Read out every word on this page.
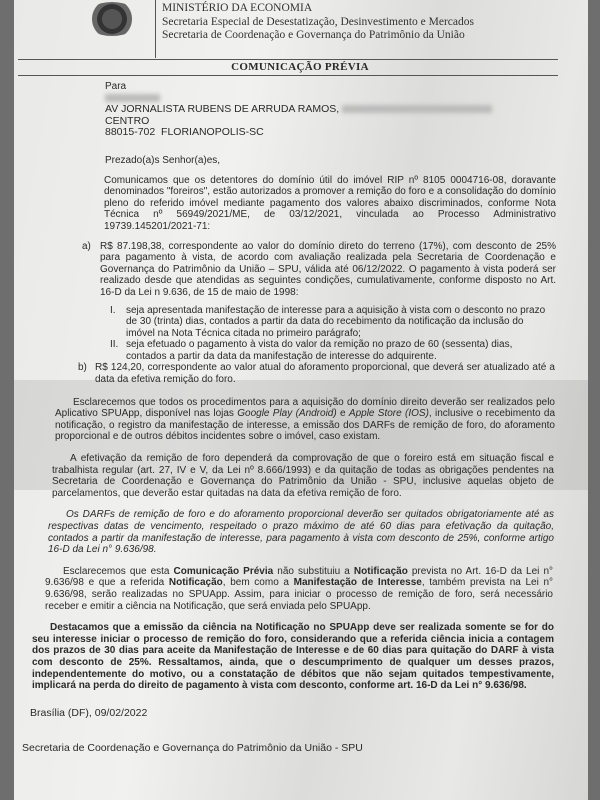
MINISTÉRIO DA ECONOMIA
Secretaria Especial de Desestatização, Desinvestimento e Mercados
Secretaria de Coordenação e Governança do Patrimônio da União
COMUNICAÇÃO PRÉVIA
Para
AV JORNALISTA RUBENS DE ARRUDA RAMOS,
CENTRO
88015-702  FLORIANOPOLIS-SC
Prezado(a)s Senhor(a)es,
Comunicamos que os detentores do domínio útil do imóvel RIP nº 8105 0004716-08, doravante denominados "foreiros", estão autorizados a promover a remição do foro e a consolidação do domínio pleno do referido imóvel mediante pagamento dos valores abaixo discriminados, conforme Nota Técnica nº 56949/2021/ME, de 03/12/2021, vinculada ao Processo Administrativo 19739.145201/2021-71:
a) R$ 87.198,38, correspondente ao valor do domínio direto do terreno (17%), com desconto de 25% para pagamento à vista, de acordo com avaliação realizada pela Secretaria de Coordenação e Governança do Patrimônio da União – SPU, válida até 06/12/2022. O pagamento à vista poderá ser realizado desde que atendidas as seguintes condições, cumulativamente, conforme disposto no Art. 16-D da Lei n 9.636, de 15 de maio de 1998:
I.	seja apresentada manifestação de interesse para a aquisição à vista com o desconto no prazo de 30 (trinta) dias, contados a partir da data do recebimento da notificação da inclusão do imóvel na Nota Técnica citada no primeiro parágrafo;
II. seja efetuado o pagamento à vista do valor da remição no prazo de 60 (sessenta) dias, contados a partir da data da manifestação de interesse do adquirente.
b) R$ 124,20, correspondente ao valor atual do aforamento proporcional, que deverá ser atualizado até a data da efetiva remição do foro.
Esclarecemos que todos os procedimentos para a aquisição do domínio direito deverão ser realizados pelo Aplicativo SPUApp, disponível nas lojas Google Play (Android) e Apple Store (IOS), inclusive o recebimento da notificação, o registro da manifestação de interesse, a emissão dos DARFs de remição de foro, do aforamento proporcional e de outros débitos incidentes sobre o imóvel, caso existam.
A efetivação da remição de foro dependerá da comprovação de que o foreiro está em situação fiscal e trabalhista regular (art. 27, IV e V, da Lei nº 8.666/1993) e da quitação de todas as obrigações pendentes na Secretaria de Coordenação e Governança do Patrimônio da União - SPU, inclusive aquelas objeto de parcelamentos, que deverão estar quitadas na data da efetiva remição de foro.
Os DARFs de remição de foro e do aforamento proporcional deverão ser quitados obrigatoriamente até as respectivas datas de vencimento, respeitado o prazo máximo de até 60 dias para efetivação da quitação, contados a partir da manifestação de interesse, para pagamento à vista com desconto de 25%, conforme artigo 16-D da Lei n° 9.636/98.
Esclarecemos que esta Comunicação Prévia não substituiu a Notificação prevista no Art. 16-D da Lei n° 9.636/98 e que a referida Notificação, bem como a Manifestação de Interesse, também prevista na Lei n° 9.636/98, serão realizadas no SPUApp. Assim, para iniciar o processo de remição de foro, será necessário receber e emitir a ciência na Notificação, que será enviada pelo SPUApp.
Destacamos que a emissão da ciência na Notificação no SPUApp deve ser realizada somente se for do seu interesse iniciar o processo de remição do foro, considerando que a referida ciência inicia a contagem dos prazos de 30 dias para aceite da Manifestação de Interesse e de 60 dias para quitação do DARF à vista com desconto de 25%. Ressaltamos, ainda, que o descumprimento de qualquer um desses prazos, independentemente do motivo, ou a constatação de débitos que não sejam quitados tempestivamente, implicará na perda do direito de pagamento à vista com desconto, conforme art. 16-D da Lei n° 9.636/98.
Brasília (DF), 09/02/2022
Secretaria de Coordenação e Governança do Patrimônio da União - SPU
